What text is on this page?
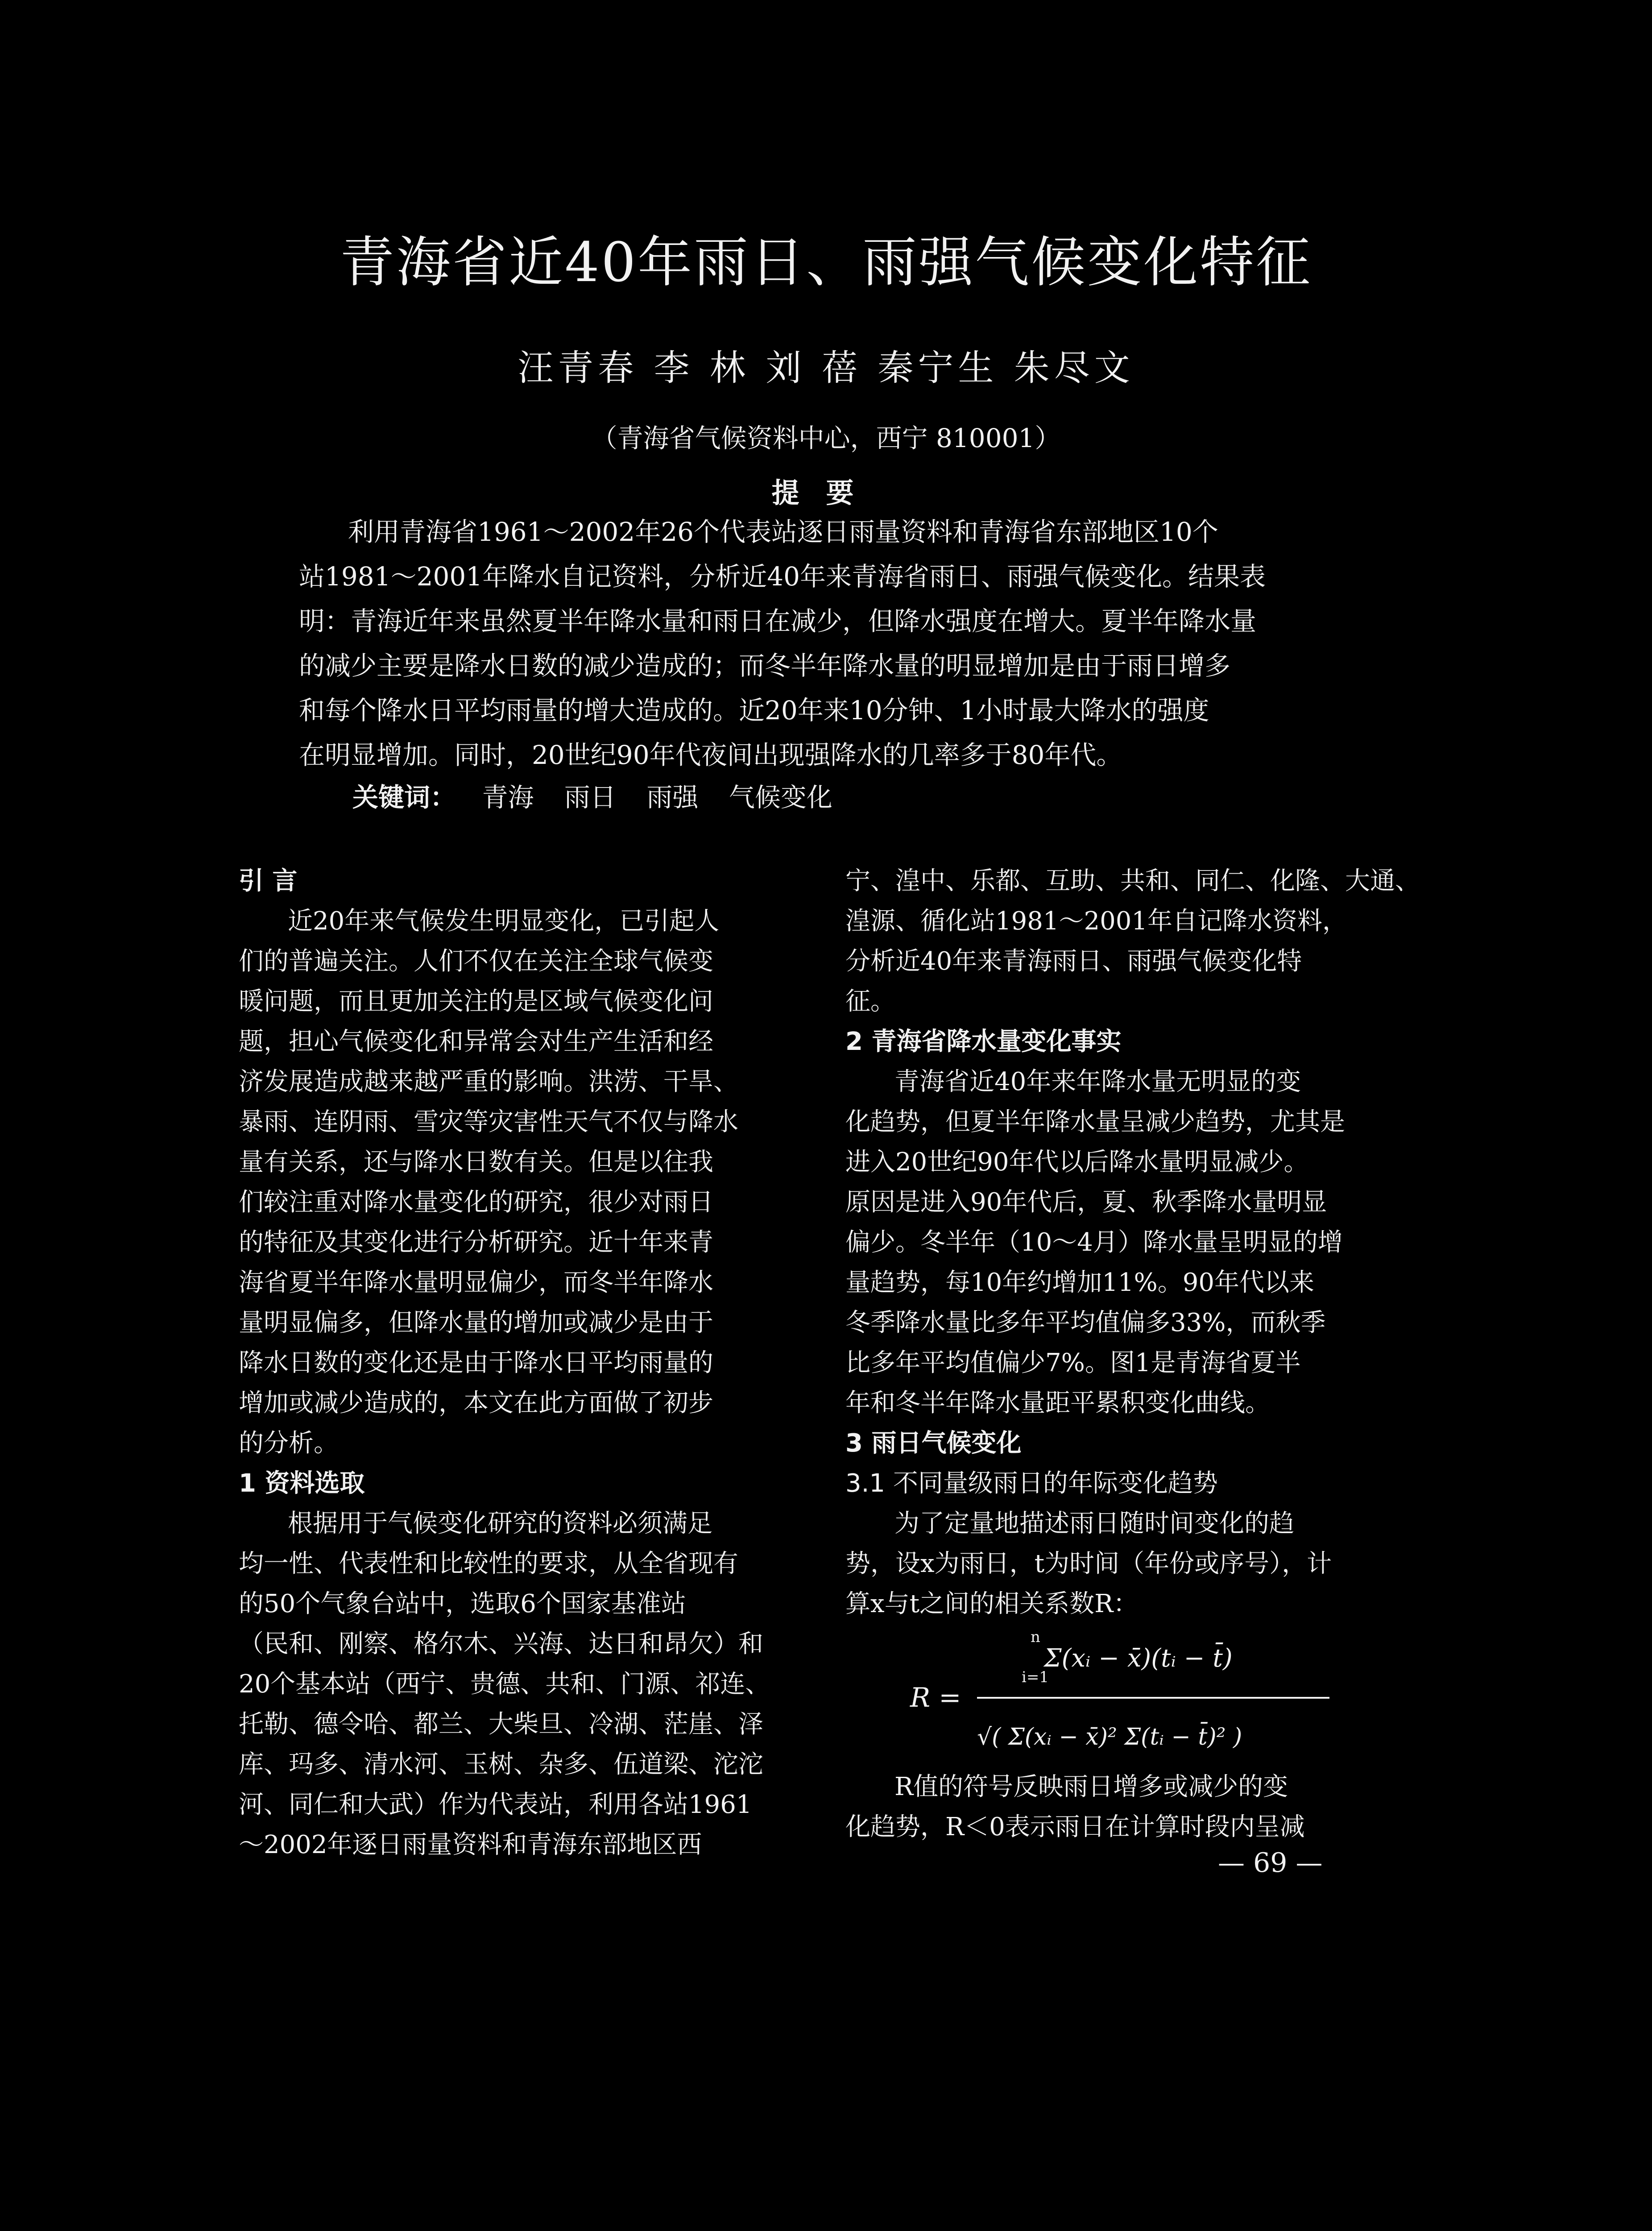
青海省近40年雨日、雨强气候变化特征
汪青春 李 林 刘 蓓 秦宁生 朱尽文
（青海省气候资料中心，西宁 810001）
提要
利用青海省1961～2002年26个代表站逐日雨量资料和青海省东部地区10个
站1981～2001年降水自记资料，分析近40年来青海省雨日、雨强气候变化。结果表
明：青海近年来虽然夏半年降水量和雨日在减少，但降水强度在增大。夏半年降水量
的减少主要是降水日数的减少造成的；而冬半年降水量的明显增加是由于雨日增多
和每个降水日平均雨量的增大造成的。近20年来10分钟、1小时最大降水的强度
在明显增加。同时，20世纪90年代夜间出现强降水的几率多于80年代。
关键词： 青海 雨日 雨强 气候变化
引 言
近20年来气候发生明显变化，已引起人
们的普遍关注。人们不仅在关注全球气候变
暖问题，而且更加关注的是区域气候变化问
题，担心气候变化和异常会对生产生活和经
济发展造成越来越严重的影响。洪涝、干旱、
暴雨、连阴雨、雪灾等灾害性天气不仅与降水
量有关系，还与降水日数有关。但是以往我
们较注重对降水量变化的研究，很少对雨日
的特征及其变化进行分析研究。近十年来青
海省夏半年降水量明显偏少，而冬半年降水
量明显偏多，但降水量的增加或减少是由于
降水日数的变化还是由于降水日平均雨量的
增加或减少造成的，本文在此方面做了初步
的分析。
1 资料选取
根据用于气候变化研究的资料必须满足
均一性、代表性和比较性的要求，从全省现有
的50个气象台站中，选取6个国家基准站
（民和、刚察、格尔木、兴海、达日和昂欠）和
20个基本站（西宁、贵德、共和、门源、祁连、
托勒、德令哈、都兰、大柴旦、冷湖、茫崖、泽
库、玛多、清水河、玉树、杂多、伍道梁、沱沱
河、同仁和大武）作为代表站，利用各站1961
～2002年逐日雨量资料和青海东部地区西
宁、湟中、乐都、互助、共和、同仁、化隆、大通、
湟源、循化站1981～2001年自记降水资料，
分析近40年来青海雨日、雨强气候变化特
征。
2 青海省降水量变化事实
青海省近40年来年降水量无明显的变
化趋势，但夏半年降水量呈减少趋势，尤其是
进入20世纪90年代以后降水量明显减少。
原因是进入90年代后，夏、秋季降水量明显
偏少。冬半年（10～4月）降水量呈明显的增
量趋势，每10年约增加11%。90年代以来
冬季降水量比多年平均值偏多33%，而秋季
比多年平均值偏少7%。图1是青海省夏半
年和冬半年降水量距平累积变化曲线。
3 雨日气候变化
3.1 不同量级雨日的年际变化趋势
为了定量地描述雨日随时间变化的趋
势，设x为雨日，t为时间（年份或序号），计
算x与t之间的相关系数R：
R =
n
i=1
Σ(xᵢ − x̄)(tᵢ − t̄)
√( Σ(xᵢ − x̄)² Σ(tᵢ − t̄)² )
R值的符号反映雨日增多或减少的变
化趋势，R＜0表示雨日在计算时段内呈减
— 69 —
